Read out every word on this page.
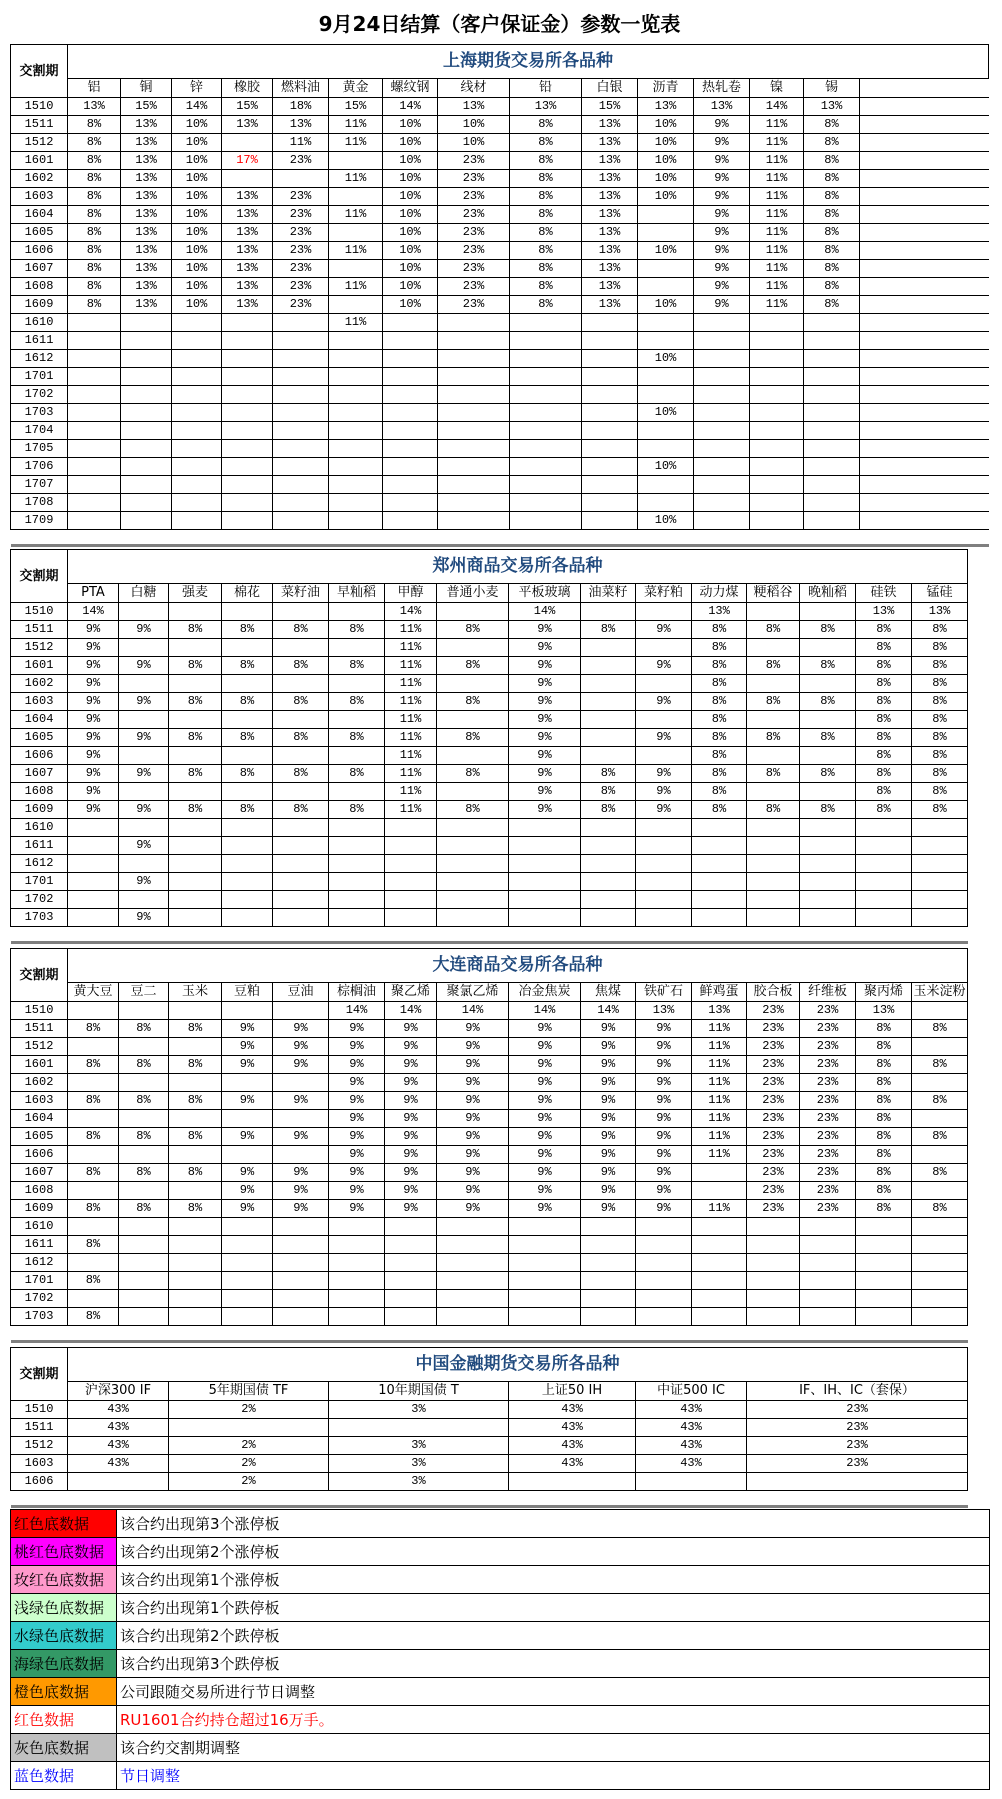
9月24日结算（客户保证金）参数一览表
交割期	上海期货交易所各品种														
	铝	铜	锌	橡胶	燃料油	黄金	螺纹钢	线材	铅	白银	沥青	热轧卷	镍	锡	
1510	13%	15%	14%	15%	18%	15%	14%	13%	13%	15%	13%	13%	14%	13%	
1511	8%	13%	10%	13%	13%	11%	10%	10%	8%	13%	10%	9%	11%	8%	
1512	8%	13%	10%		11%	11%	10%	10%	8%	13%	10%	9%	11%	8%	
1601	8%	13%	10%	17%	23%		10%	23%	8%	13%	10%	9%	11%	8%	
1602	8%	13%	10%			11%	10%	23%	8%	13%	10%	9%	11%	8%	
1603	8%	13%	10%	13%	23%		10%	23%	8%	13%	10%	9%	11%	8%	
1604	8%	13%	10%	13%	23%	11%	10%	23%	8%	13%		9%	11%	8%	
1605	8%	13%	10%	13%	23%		10%	23%	8%	13%		9%	11%	8%	
1606	8%	13%	10%	13%	23%	11%	10%	23%	8%	13%	10%	9%	11%	8%	
1607	8%	13%	10%	13%	23%		10%	23%	8%	13%		9%	11%	8%	
1608	8%	13%	10%	13%	23%	11%	10%	23%	8%	13%		9%	11%	8%	
1609	8%	13%	10%	13%	23%		10%	23%	8%	13%	10%	9%	11%	8%	
1610						11%									
1611															
1612											10%				
1701															
1702															
1703											10%				
1704															
1705															
1706											10%				
1707															
1708															
1709											10%				

交割期	郑州商品交易所各品种															
	PTA	白糖	强麦	棉花	菜籽油	早籼稻	甲醇	普通小麦	平板玻璃	油菜籽	菜籽粕	动力煤	粳稻谷	晚籼稻	硅铁	锰硅
1510	14%						14%		14%			13%			13%	13%
1511	9%	9%	8%	8%	8%	8%	11%	8%	9%	8%	9%	8%	8%	8%	8%	8%
1512	9%						11%		9%			8%			8%	8%
1601	9%	9%	8%	8%	8%	8%	11%	8%	9%		9%	8%	8%	8%	8%	8%
1602	9%						11%		9%			8%			8%	8%
1603	9%	9%	8%	8%	8%	8%	11%	8%	9%		9%	8%	8%	8%	8%	8%
1604	9%						11%		9%			8%			8%	8%
1605	9%	9%	8%	8%	8%	8%	11%	8%	9%		9%	8%	8%	8%	8%	8%
1606	9%						11%		9%			8%			8%	8%
1607	9%	9%	8%	8%	8%	8%	11%	8%	9%	8%	9%	8%	8%	8%	8%	8%
1608	9%						11%		9%	8%	9%	8%			8%	8%
1609	9%	9%	8%	8%	8%	8%	11%	8%	9%	8%	9%	8%	8%	8%	8%	8%
1610																
1611		9%														
1612																
1701		9%														
1702																
1703		9%														

交割期	大连商品交易所各品种															
	黄大豆	豆二	玉米	豆粕	豆油	棕榈油	聚乙烯	聚氯乙烯	冶金焦炭	焦煤	铁矿石	鲜鸡蛋	胶合板	纤维板	聚丙烯	玉米淀粉
1510						14%	14%	14%	14%	14%	13%	13%	23%	23%	13%	
1511	8%	8%	8%	9%	9%	9%	9%	9%	9%	9%	9%	11%	23%	23%	8%	8%
1512				9%	9%	9%	9%	9%	9%	9%	9%	11%	23%	23%	8%	
1601	8%	8%	8%	9%	9%	9%	9%	9%	9%	9%	9%	11%	23%	23%	8%	8%
1602						9%	9%	9%	9%	9%	9%	11%	23%	23%	8%	
1603	8%	8%	8%	9%	9%	9%	9%	9%	9%	9%	9%	11%	23%	23%	8%	8%
1604						9%	9%	9%	9%	9%	9%	11%	23%	23%	8%	
1605	8%	8%	8%	9%	9%	9%	9%	9%	9%	9%	9%	11%	23%	23%	8%	8%
1606						9%	9%	9%	9%	9%	9%	11%	23%	23%	8%	
1607	8%	8%	8%	9%	9%	9%	9%	9%	9%	9%	9%		23%	23%	8%	8%
1608				9%	9%	9%	9%	9%	9%	9%	9%		23%	23%	8%	
1609	8%	8%	8%	9%	9%	9%	9%	9%	9%	9%	9%	11%	23%	23%	8%	8%
1610																
1611	8%															
1612																
1701	8%															
1702																
1703	8%															

交割期	中国金融期货交易所各品种					
	沪深300 IF	5年期国债 TF	10年期国债 T	上证50 IH	中证500 IC	IF、IH、IC（套保）
1510	43%	2%	3%	43%	43%	23%
1511	43%			43%	43%	23%
1512	43%	2%	3%	43%	43%	23%
1603	43%	2%	3%	43%	43%	23%
1606		2%	3%			

红色底数据	该合约出现第3个涨停板
桃红色底数据	该合约出现第2个涨停板
玫红色底数据	该合约出现第1个涨停板
浅绿色底数据	该合约出现第1个跌停板
水绿色底数据	该合约出现第2个跌停板
海绿色底数据	该合约出现第3个跌停板
橙色底数据	公司跟随交易所进行节日调整
红色数据	RU1601合约持仓超过16万手。
灰色底数据	该合约交割期调整
蓝色数据	节日调整
